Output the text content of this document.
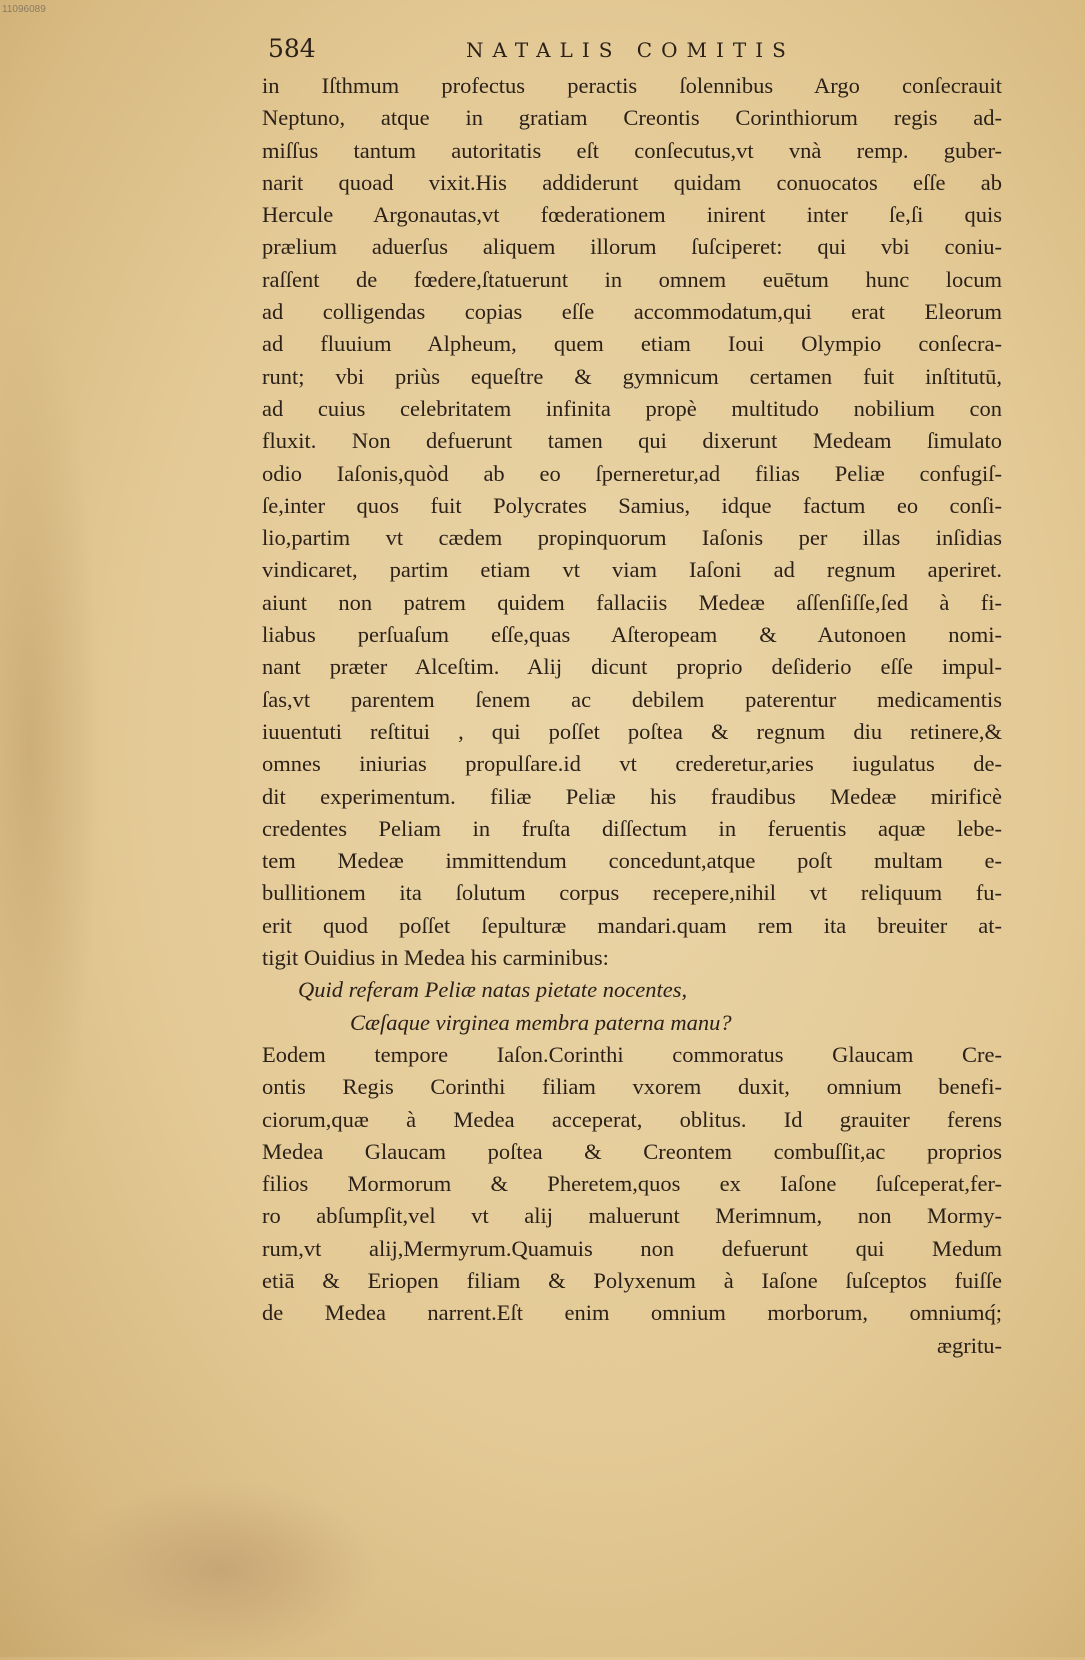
11096089
584	NATALIS COMITIS
in Iſthmum profectus peractis ſolennibus Argo conſecrauit
Neptuno, atque in gratiam Creontis Corinthiorum regis ad-
miſſus tantum autoritatis eſt conſecutus,vt vnà remp. guber-
narit quoad vixit.His addiderunt quidam conuocatos eſſe ab
Hercule Argonautas,vt fœderationem inirent inter ſe,ſi quis
prælium aduerſus aliquem illorum ſuſciperet: qui vbi coniu-
raſſent de fœdere,ſtatuerunt in omnem euētum hunc locum
ad colligendas copias eſſe accommodatum,qui erat Eleorum
ad fluuium Alpheum, quem etiam Ioui Olympio conſecra-
runt; vbi priùs equeſtre & gymnicum certamen fuit inſtitutū,
ad cuius celebritatem infinita propè multitudo nobilium con
fluxit. Non defuerunt tamen qui dixerunt Medeam ſimulato
odio Iaſonis,quòd ab eo ſperneretur,ad filias Peliæ confugiſ-
ſe,inter quos fuit Polycrates Samius, idque factum eo conſi-
lio,partim vt cædem propinquorum Iaſonis per illas inſidias
vindicaret, partim etiam vt viam Iaſoni ad regnum aperiret.
aiunt non patrem quidem fallaciis Medeæ aſſenſiſſe,ſed à fi-
liabus perſuaſum eſſe,quas Aſteropeam & Autonoen nomi-
nant præter Alceſtim. Alij dicunt proprio deſiderio eſſe impul-
ſas,vt parentem ſenem ac debilem paterentur medicamentis
iuuentuti reſtitui , qui poſſet poſtea & regnum diu retinere,&
omnes iniurias propulſare.id vt crederetur,aries iugulatus de-
dit experimentum. filiæ Peliæ his fraudibus Medeæ mirificè
credentes Peliam in fruſta diſſectum in feruentis aquæ lebe-
tem Medeæ immittendum concedunt,atque poſt multam e-
bullitionem ita ſolutum corpus recepere,nihil vt reliquum fu-
erit quod poſſet ſepulturæ mandari.quam rem ita breuiter at-
tigit Ouidius in Medea his carminibus:
Quid referam Peliæ natas pietate nocentes,
Cæſaque virginea membra paterna manu?
Eodem tempore Iaſon.Corinthi commoratus Glaucam Cre-
ontis Regis Corinthi filiam vxorem duxit, omnium benefi-
ciorum,quæ à Medea acceperat, oblitus. Id grauiter ferens
Medea Glaucam poſtea & Creontem combuſſit,ac proprios
filios Mormorum & Pheretem,quos ex Iaſone ſuſceperat,fer-
ro abſumpſit,vel vt alij maluerunt Merimnum, non Mormy-
rum,vt alij,Mermyrum.Quamuis non defuerunt qui Medum
etiā & Eriopen filiam & Polyxenum à Iaſone ſuſceptos fuiſſe
de Medea narrent.Eſt enim omnium morborum, omniumq́;
ægritu-
